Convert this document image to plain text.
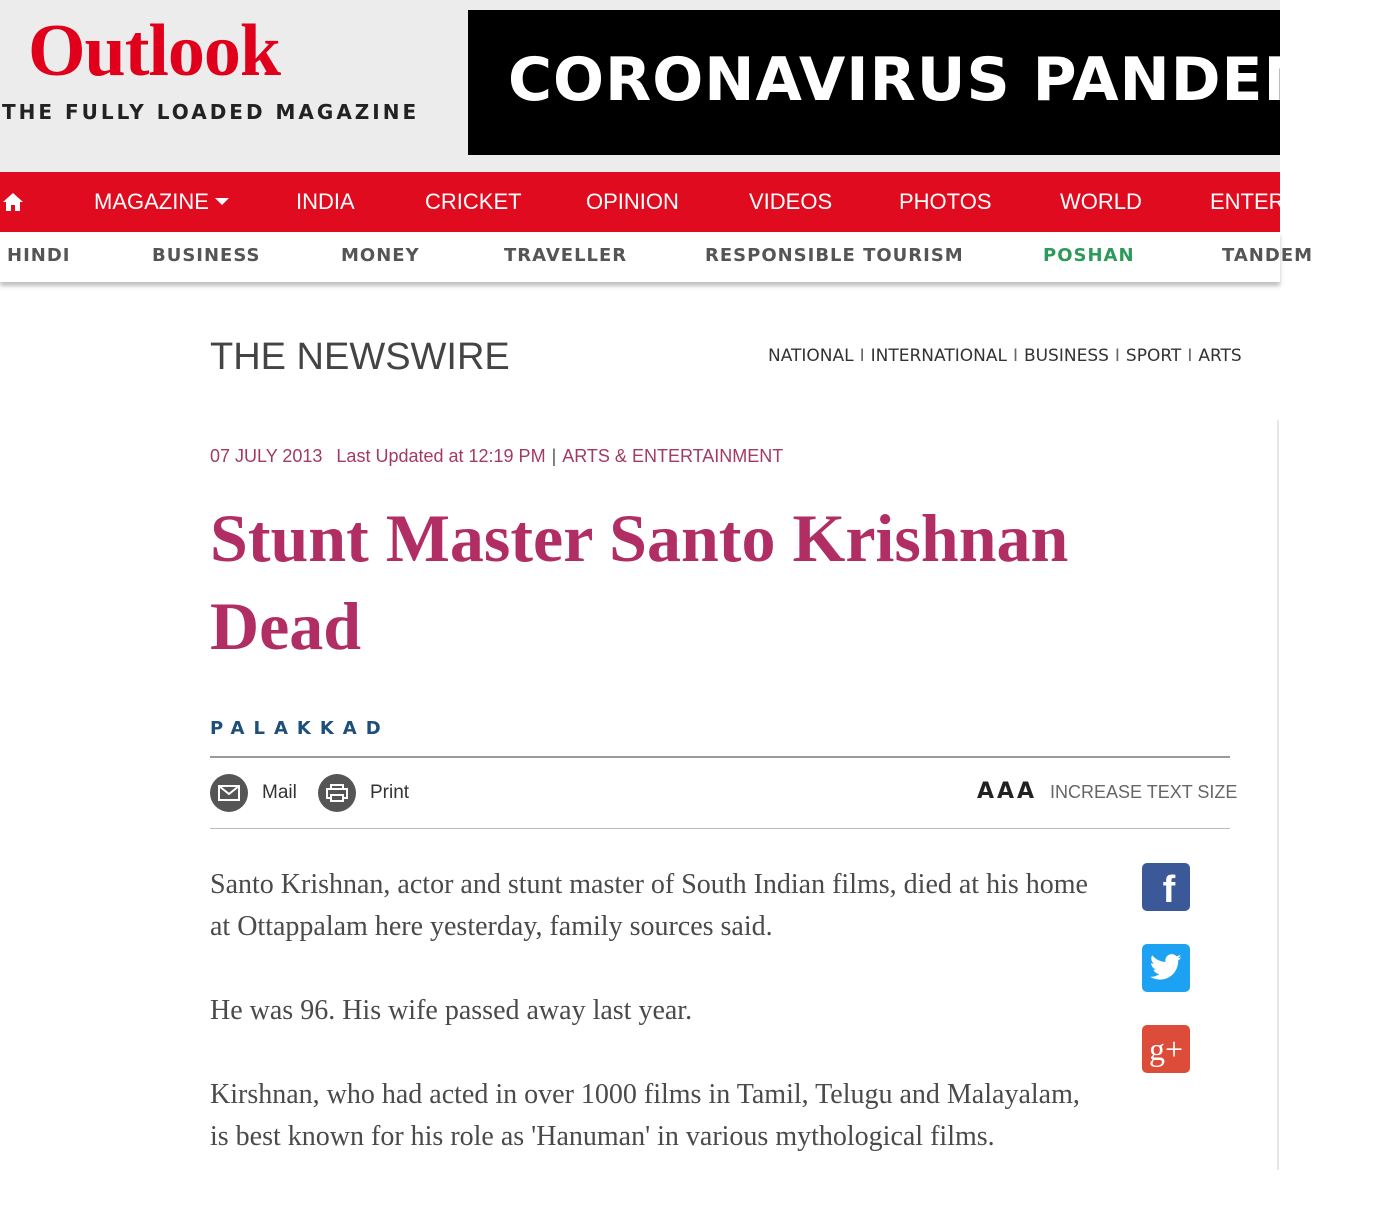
Outlook
THE FULLY LOADED MAGAZINE CORONAVIRUS PANDEMIC
MAGAZINE	INDIA	CRICKET	OPINION	VIDEOS	PHOTOS	WORLD	ENTERTAINMENT
HINDI	BUSINESS	MONEY	TRAVELLER	RESPONSIBLE TOURISM	POSHAN	TANDEM
THE NEWSWIRE	NATIONAL I INTERNATIONAL I BUSINESS I SPORT I ARTS
07 JULY 2013 Last Updated at 12:19 PM | ARTS & ENTERTAINMENT
Stunt Master Santo Krishnan Dead
PALAKKAD
Mail	Print	AAA INCREASE TEXT SIZE

Santo Krishnan, actor and stunt master of South Indian films, died at his home at Ottappalam here yesterday, family sources said.

He was 96. His wife passed away last year.

Kirshnan, who had acted in over 1000 films in Tamil, Telugu and Malayalam, is best known for his role as 'Hanuman' in various mythological films.

f
g+
